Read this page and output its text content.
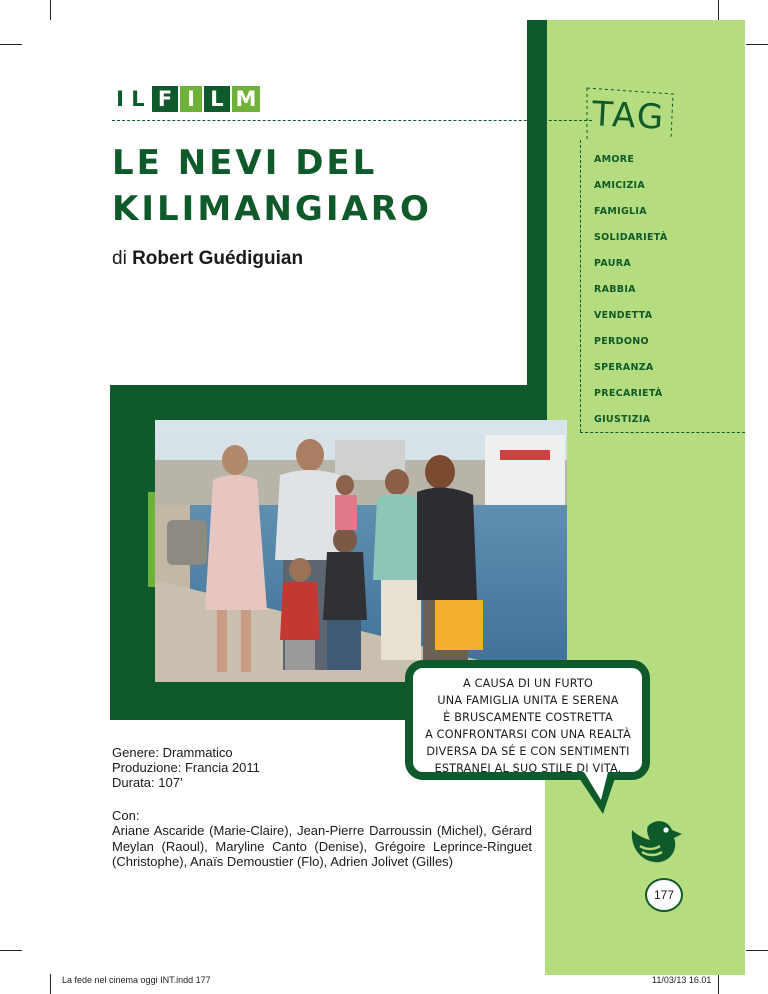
A CAUSA DI UN FURTO
UNA FAMIGLIA UNITA E SERENA
È BRUSCAMENTE COSTRETTA
A CONFRONTARSI CON UNA REALTÀ
DIVERSA DA SÉ E CON SENTIMENTI
ESTRANEI AL SUO STILE DI VITA.
I L F I L M
LE NEVI DEL KILIMANGIARO
di Robert Guédiguian
TAG
AMORE
AMICIZIA
FAMIGLIA
SOLIDARIETÀ
PAURA
RABBIA
VENDETTA
PERDONO
SPERANZA
PRECARIETÀ
GIUSTIZIA
Genere: Drammatico
Produzione: Francia 2011
Durata: 107’
Con:
Ariane Ascaride (Marie-Claire), Jean-Pierre Darroussin (Michel), Gérard Meylan (Raoul), Maryline Canto (Denise), Grégoire Leprince-Ringuet (Christophe), Anaïs Demoustier (Flo), Adrien Jolivet (Gilles)
177
La fede nel cinema oggi INT.indd 177	11/03/13 16.01
